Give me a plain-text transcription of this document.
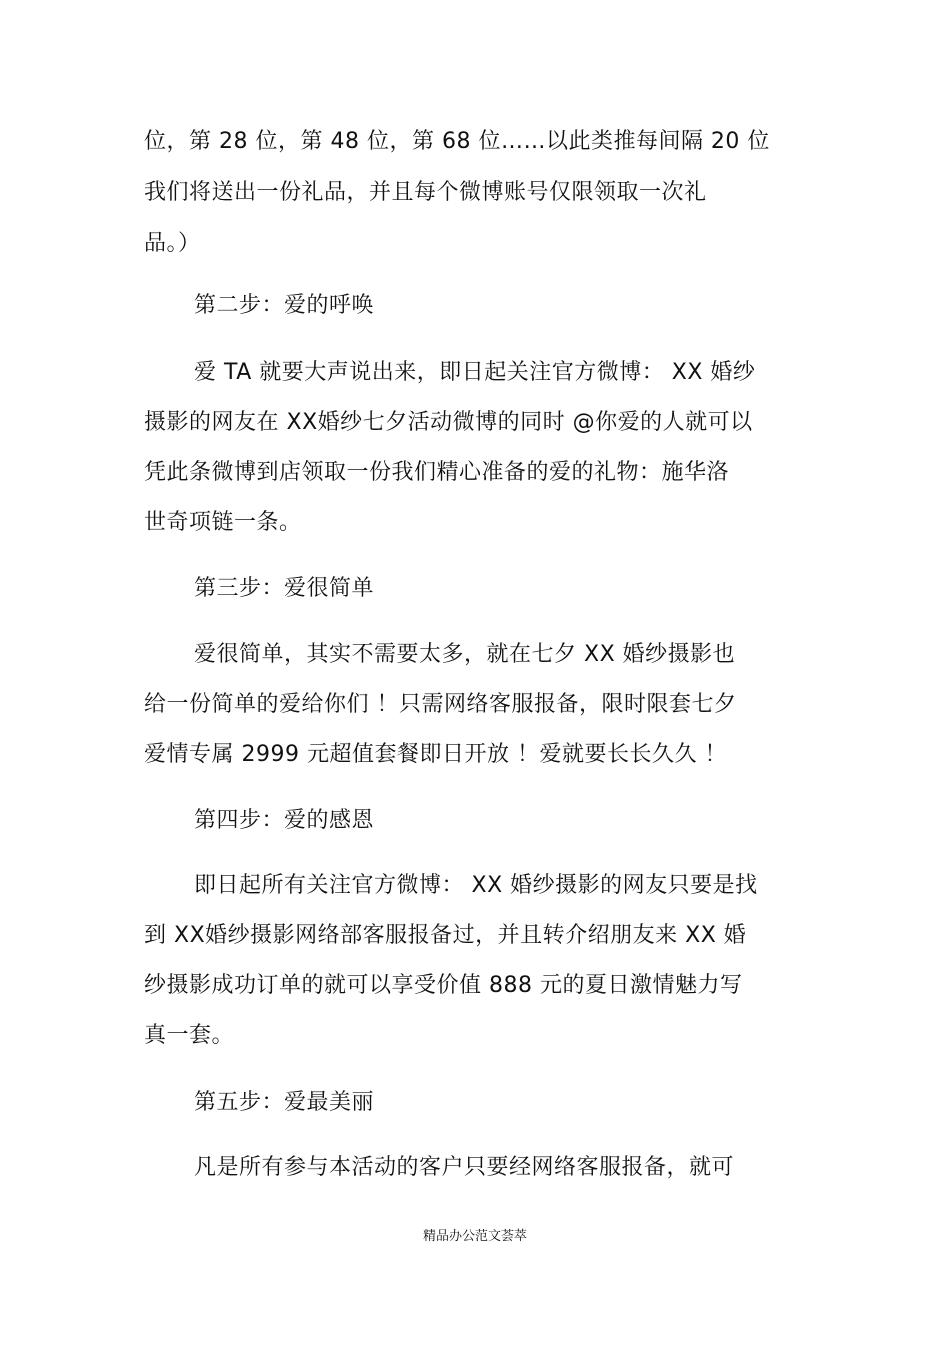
位，第 28 位，第 48 位，第 68 位……以此类推每间隔 20 位
我们将送出一份礼品，并且每个微博账号仅限领取一次礼
品。）
第二步：爱的呼唤
爱 TA 就要大声说出来，即日起关注官方微博： XX 婚纱
摄影的网友在 XX婚纱七夕活动微博的同时 @你爱的人就可以
凭此条微博到店领取一份我们精心准备的爱的礼物：施华洛
世奇项链一条。
第三步：爱很简单
爱很简单，其实不需要太多，就在七夕 XX 婚纱摄影也
给一份简单的爱给你们 ！只需网络客服报备，限时限套七夕
爱情专属 2999 元超值套餐即日开放 ！爱就要长长久久 ！
第四步：爱的感恩
即日起所有关注官方微博： XX 婚纱摄影的网友只要是找
到 XX婚纱摄影网络部客服报备过，并且转介绍朋友来 XX 婚
纱摄影成功订单的就可以享受价值 888 元的夏日激情魅力写
真一套。
第五步：爱最美丽
凡是所有参与本活动的客户只要经网络客服报备，就可
精品办公范文荟萃
